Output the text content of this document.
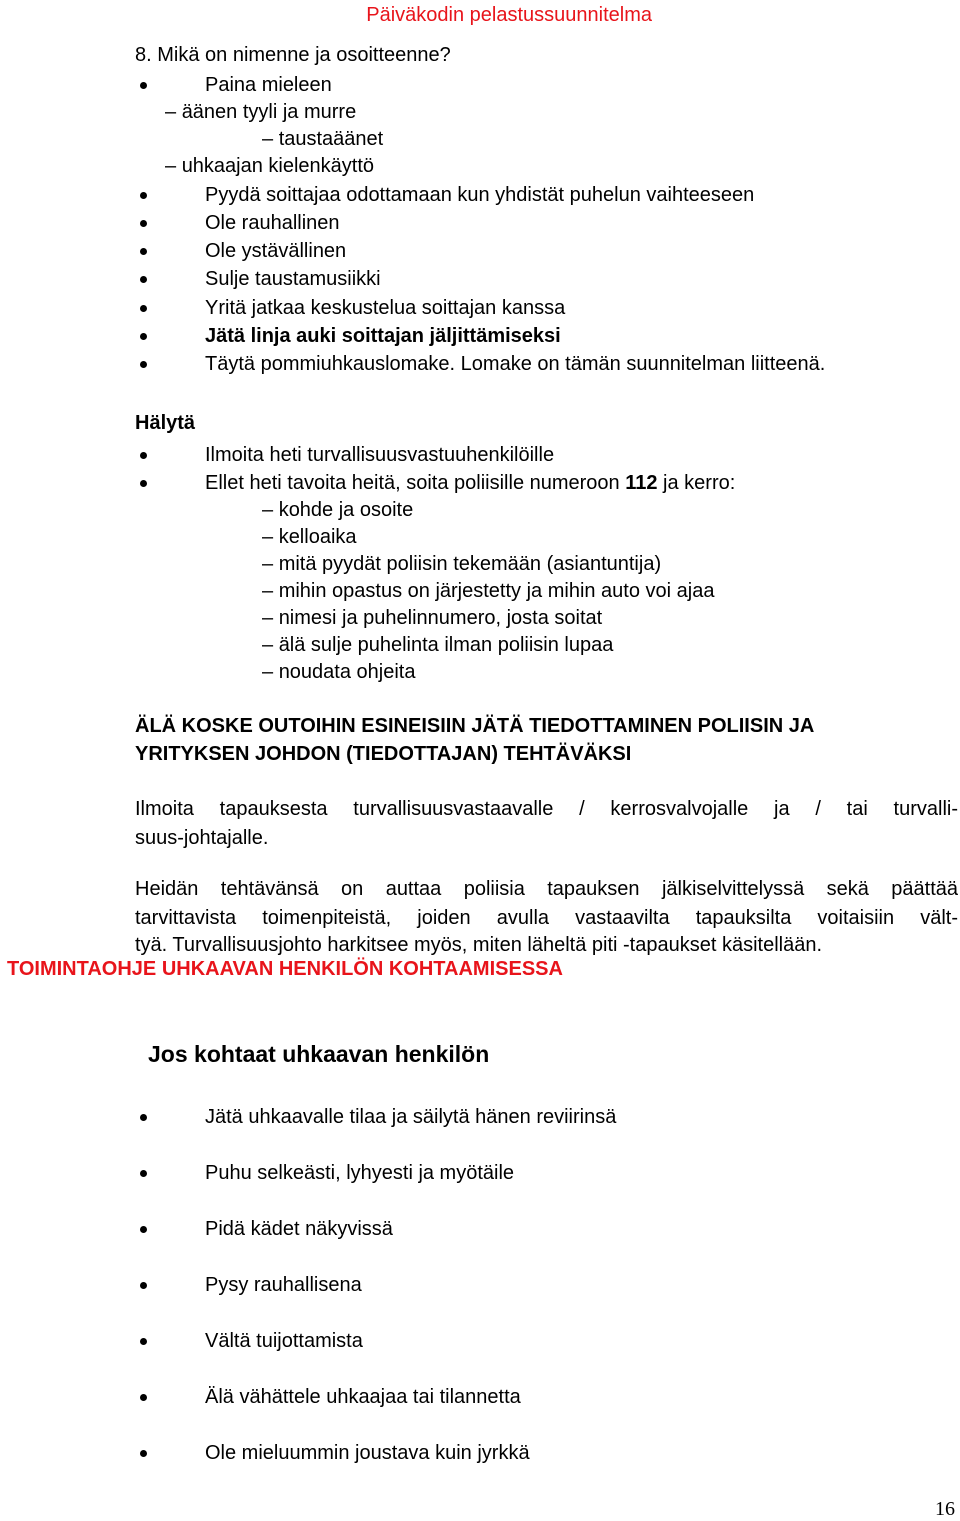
Päiväkodin pelastussuunnitelma
8. Mikä on nimenne ja osoitteenne?
Paina mieleen
– äänen tyyli ja murre
– taustaäänet
– uhkaajan kielenkäyttö
Pyydä soittajaa odottamaan kun yhdistät puhelun vaihteeseen
Ole rauhallinen
Ole ystävällinen
Sulje taustamusiikki
Yritä jatkaa keskustelua soittajan kanssa
Jätä linja auki soittajan jäljittämiseksi
Täytä pommiuhkauslomake. Lomake on tämän suunnitelman liitteenä.
Hälytä
Ilmoita heti turvallisuusvastuuhenkilöille
Ellet heti tavoita heitä, soita poliisille numeroon 112 ja kerro:
– kohde ja osoite
– kelloaika
– mitä pyydät poliisin tekemään (asiantuntija)
– mihin opastus on järjestetty ja mihin auto voi ajaa
– nimesi ja puhelinnumero, josta soitat
– älä sulje puhelinta ilman poliisin lupaa
– noudata ohjeita
ÄLÄ KOSKE OUTOIHIN ESINEISIIN JÄTÄ TIEDOTTAMINEN POLIISIN JA
YRITYKSEN JOHDON (TIEDOTTAJAN) TEHTÄVÄKSI
Ilmoita tapauksesta turvallisuusvastaavalle / kerrosvalvojalle ja / tai turvalli-
suus-johtajalle.
Heidän tehtävänsä on auttaa poliisia tapauksen jälkiselvittelyssä sekä päättää
tarvittavista toimenpiteistä, joiden avulla vastaavilta tapauksilta voitaisiin vält-
tyä. Turvallisuusjohto harkitsee myös, miten läheltä piti -tapaukset käsitellään.
TOIMINTAOHJE UHKAAVAN HENKILÖN KOHTAAMISESSA
Jos kohtaat uhkaavan henkilön
Jätä uhkaavalle tilaa ja säilytä hänen reviirinsä
Puhu selkeästi, lyhyesti ja myötäile
Pidä kädet näkyvissä
Pysy rauhallisena
Vältä tuijottamista
Älä vähättele uhkaajaa tai tilannetta
Ole mieluummin joustava kuin jyrkkä
16
